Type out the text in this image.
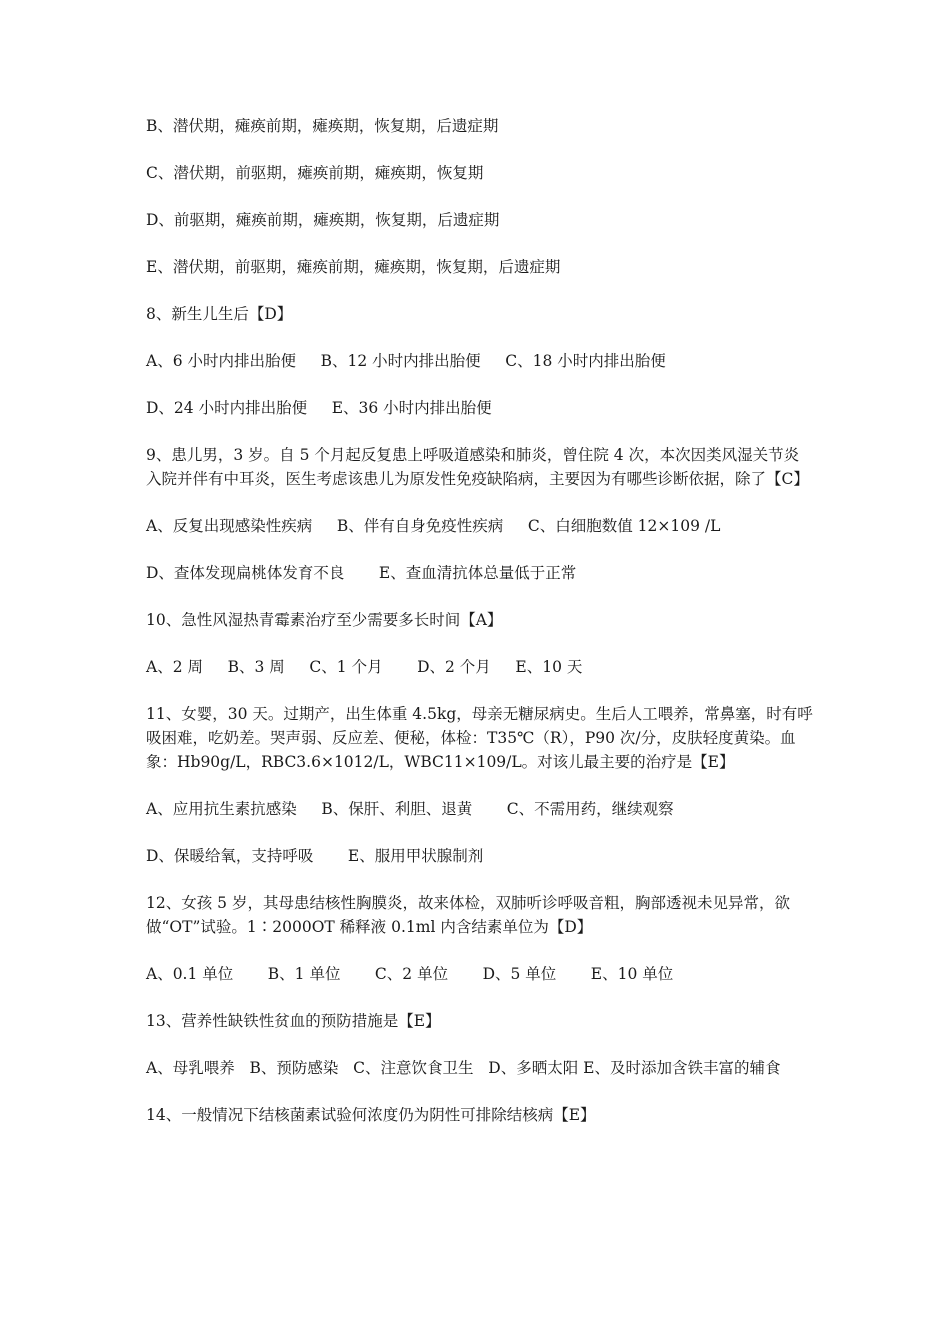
B、潜伏期，瘫痪前期，瘫痪期，恢复期，后遗症期
C、潜伏期，前驱期，瘫痪前期，瘫痪期，恢复期
D、前驱期，瘫痪前期，瘫痪期，恢复期，后遗症期
E、潜伏期，前驱期，瘫痪前期，瘫痪期，恢复期，后遗症期
8、新生儿生后【D】
A、6 小时内排出胎便     B、12 小时内排出胎便     C、18 小时内排出胎便
D、24 小时内排出胎便     E、36 小时内排出胎便
9、患儿男，3 岁。自 5 个月起反复患上呼吸道感染和肺炎，曾住院 4 次，本次因类风湿关节炎入院并伴有中耳炎，医生考虑该患儿为原发性免疫缺陷病，主要因为有哪些诊断依据，除了【C】
A、反复出现感染性疾病     B、伴有自身免疫性疾病     C、白细胞数值 12×109 /L
D、查体发现扁桃体发育不良       E、查血清抗体总量低于正常
10、急性风湿热青霉素治疗至少需要多长时间【A】
A、2 周     B、3 周     C、1 个月       D、2 个月     E、10 天
11、女婴，30 天。过期产，出生体重 4.5kg，母亲无糖尿病史。生后人工喂养，常鼻塞，时有呼吸困难，吃奶差。哭声弱、反应差、便秘，体检：T35℃（R），P90 次/分，皮肤轻度黄染。血象：Hb90g/L，RBC3.6×1012/L，WBC11×109/L。对该儿最主要的治疗是【E】
A、应用抗生素抗感染     B、保肝、利胆、退黄       C、不需用药，继续观察
D、保暖给氧，支持呼吸       E、服用甲状腺制剂
12、女孩 5 岁，其母患结核性胸膜炎，故来体检，双肺听诊呼吸音粗，胸部透视未见异常，欲做“OT”试验。1∶2000OT 稀释液 0.1ml 内含结素单位为【D】
A、0.1 单位       B、1 单位       C、2 单位       D、5 单位       E、10 单位
13、营养性缺铁性贫血的预防措施是【E】
A、母乳喂养   B、预防感染   C、注意饮食卫生   D、多晒太阳 E、及时添加含铁丰富的辅食
14、一般情况下结核菌素试验何浓度仍为阴性可排除结核病【E】
